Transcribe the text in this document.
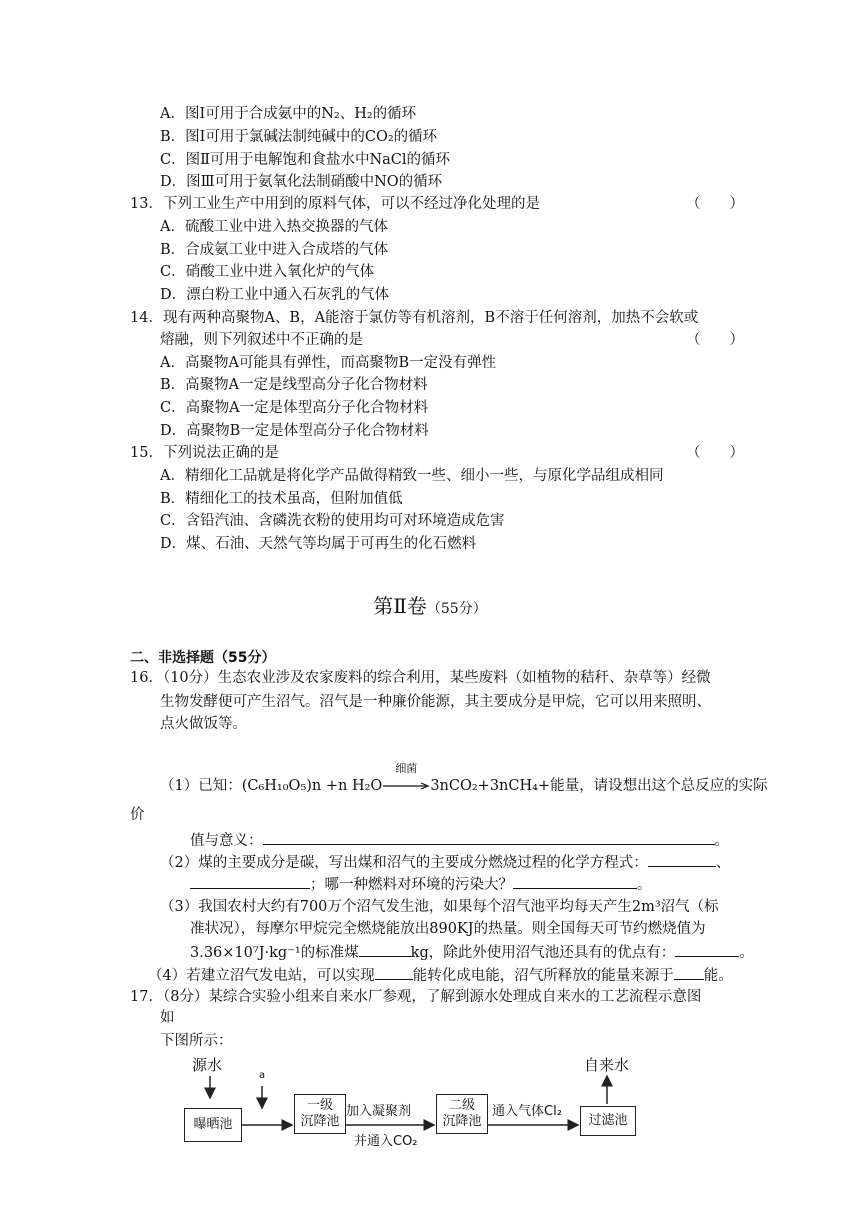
A．图Ⅰ可用于合成氨中的N₂、H₂的循环
B．图Ⅰ可用于氯碱法制纯碱中的CO₂的循环
C．图Ⅱ可用于电解饱和食盐水中NaCl的循环
D．图Ⅲ可用于氨氧化法制硝酸中NO的循环
13．下列工业生产中用到的原料气体，可以不经过净化处理的是	（　　）
A．硫酸工业中进入热交换器的气体
B．合成氨工业中进入合成塔的气体
C．硝酸工业中进入氧化炉的气体
D．漂白粉工业中通入石灰乳的气体
14．现有两种高聚物A、B，A能溶于氯仿等有机溶剂，B不溶于任何溶剂，加热不会软或
熔融，则下列叙述中不正确的是	（　　）
A．高聚物A可能具有弹性，而高聚物B一定没有弹性
B．高聚物A一定是线型高分子化合物材料
C．高聚物A一定是体型高分子化合物材料
D．高聚物B一定是体型高分子化合物材料
15．下列说法正确的是	（　　）
A．精细化工品就是将化学产品做得精致一些、细小一些，与原化学品组成相同
B．精细化工的技术虽高，但附加值低
C．含铅汽油、含磷洗衣粉的使用均可对环境造成危害
D．煤、石油、天然气等均属于可再生的化石燃料
第Ⅱ卷（55分）
二、非选择题（55分）
16．（10分）生态农业涉及农家废料的综合利用，某些废料（如植物的秸秆、杂草等）经微
生物发酵便可产生沼气。沼气是一种廉价能源，其主要成分是甲烷，它可以用来照明、
点火做饭等。
（1）已知：(C₆H₁₀O₅)n +n H₂O
细菌
3nCO₂+3nCH₄+能量，请设想出这个总反应的实际
价
值与意义：	。
（2）煤的主要成分是碳，写出煤和沼气的主要成分燃烧过程的化学方程式：	、
；哪一种燃料对环境的污染大？	。
（3）我国农村大约有700万个沼气发生池，如果每个沼气池平均每天产生2m³沼气（标
准状况），每摩尔甲烷完全燃烧能放出890KJ的热量。则全国每天可节约燃烧值为
3.36×10⁷J·kg⁻¹的标准煤	kg，除此外使用沼气池还具有的优点有：	。
（4）若建立沼气发电站，可以实现	能转化成电能，沼气所释放的能量来源于 能。
17．（8分）某综合实验小组来自来水厂参观，了解到源水处理成自来水的工艺流程示意图
如
下图所示：
源水
a
曝晒池
一级
沉降池
加入凝聚剂
并通入CO₂
二级
沉降池
通入气体Cl₂
过滤池
自来水
